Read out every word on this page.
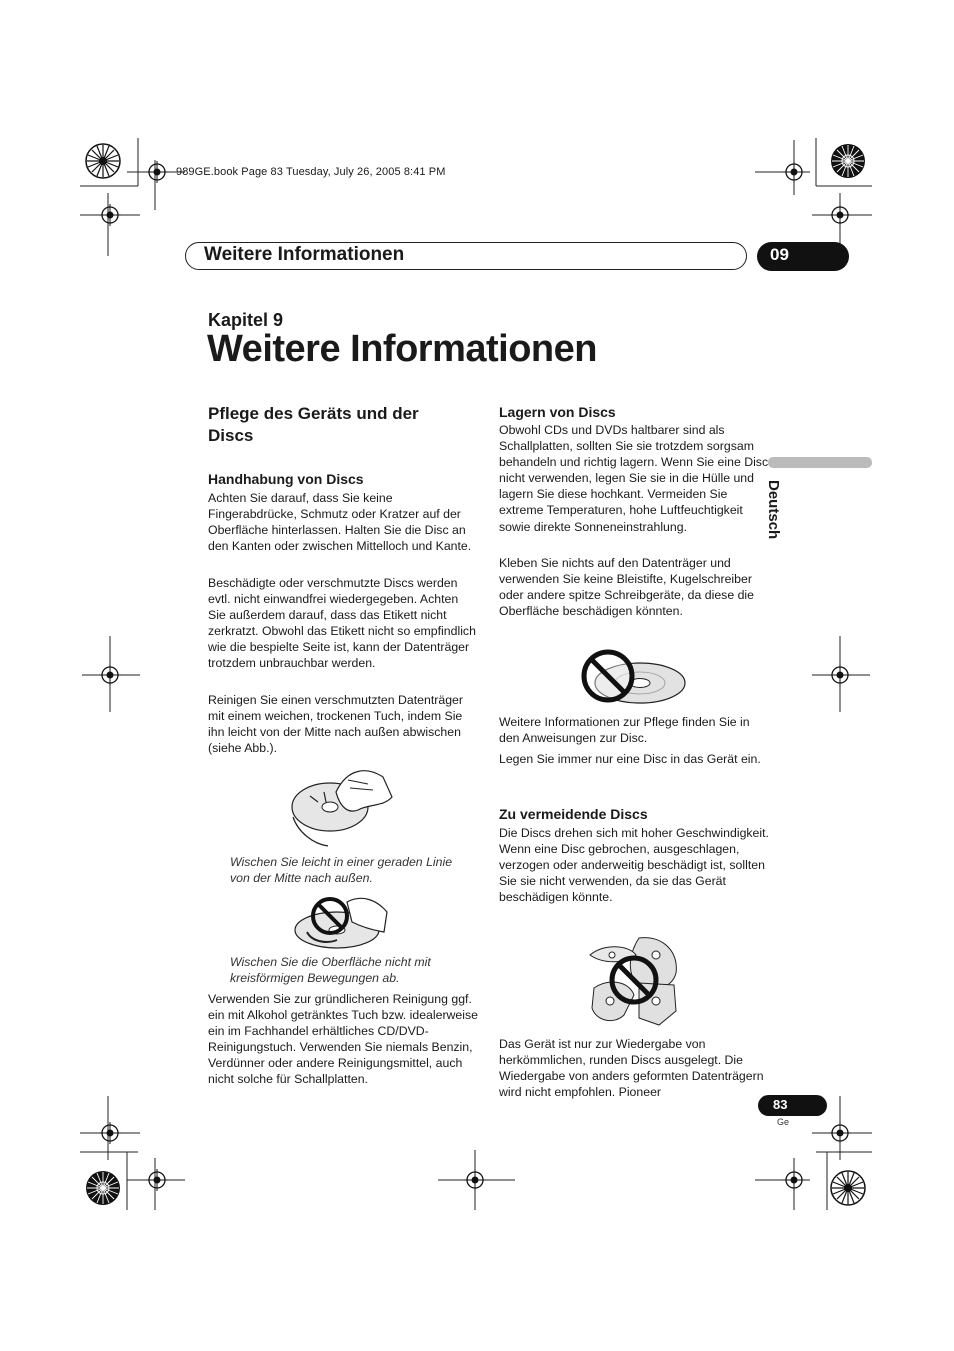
989GE.book Page 83 Tuesday, July 26, 2005 8:41 PM
Weitere Informationen	09
Kapitel 9
Weitere Informationen
Deutsch
Pflege des Geräts und der Discs
Handhabung von Discs

Achten Sie darauf, dass Sie keine Fingerabdrücke, Schmutz oder Kratzer auf der Oberfläche hinterlassen. Halten Sie die Disc an den Kanten oder zwischen Mittelloch und Kante.

Beschädigte oder verschmutzte Discs werden evtl. nicht einwandfrei wiedergegeben. Achten Sie außerdem darauf, dass das Etikett nicht zerkratzt. Obwohl das Etikett nicht so empfindlich wie die bespielte Seite ist, kann der Datenträger trotzdem unbrauchbar werden.

Reinigen Sie einen verschmutzten Datenträger mit einem weichen, trockenen Tuch, indem Sie ihn leicht von der Mitte nach außen abwischen (siehe Abb.).

Wischen Sie leicht in einer geraden Linie von der Mitte nach außen.
Wischen Sie die Oberfläche nicht mit kreisförmigen Bewegungen ab.

Verwenden Sie zur gründlicheren Reinigung ggf. ein mit Alkohol getränktes Tuch bzw. idealerweise ein im Fachhandel erhältliches CD/DVD-Reinigungstuch. Verwenden Sie niemals Benzin, Verdünner oder andere Reinigungsmittel, auch nicht solche für Schallplatten.

Lagern von Discs

Obwohl CDs und DVDs haltbarer sind als Schallplatten, sollten Sie sie trotzdem sorgsam behandeln und richtig lagern. Wenn Sie eine Disc nicht verwenden, legen Sie sie in die Hülle und lagern Sie diese hochkant. Vermeiden Sie extreme Temperaturen, hohe Luftfeuchtigkeit sowie direkte Sonneneinstrahlung.

Kleben Sie nichts auf den Datenträger und verwenden Sie keine Bleistifte, Kugelschreiber oder andere spitze Schreibgeräte, da diese die Oberfläche beschädigen könnten.

Weitere Informationen zur Pflege finden Sie in den Anweisungen zur Disc.

Legen Sie immer nur eine Disc in das Gerät ein.

Zu vermeidende Discs

Die Discs drehen sich mit hoher Geschwindigkeit. Wenn eine Disc gebrochen, ausgeschlagen, verzogen oder anderweitig beschädigt ist, sollten Sie sie nicht verwenden, da sie das Gerät beschädigen könnte.

Das Gerät ist nur zur Wiedergabe von herkömmlichen, runden Discs ausgelegt. Die Wiedergabe von anders geformten Datenträgern wird nicht empfohlen. Pioneer

83
Ge
